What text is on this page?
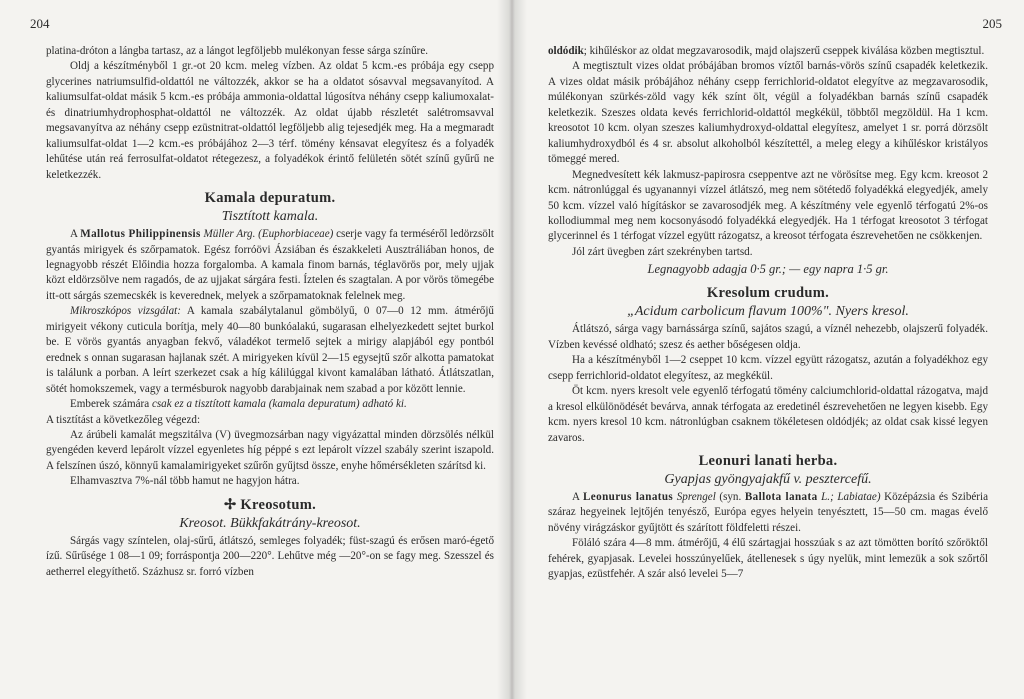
204

platina-dróton a lángba tartasz, az a lángot legföljebb mulékonyan fesse sárga színűre.

Oldj a készítményből 1 gr.-ot 20 kcm. meleg vízben. Az oldat 5 kcm.-es próbája egy csepp glycerines natriumsulfid-oldattól ne változzék, akkor se ha a oldatot sósavval megsavanyítod. A kaliumsulfat-oldat másik 5 kcm.-es próbája ammonia-oldattal lúgosítva néhány csepp kaliumoxalat- és dinatriumhydrophosphat-oldattól ne változzék. Az oldat újabb részletét salétromsavval megsavanyítva az néhány csepp ezüstnitrat-oldattól legföljebb alig tejesedjék meg. Ha a megmaradt kaliumsulfat-oldat 1—2 kcm.-es próbájához 2—3 térf. tömény kénsavat elegyítesz és a folyadék lehűtése után reá ferrosulfat-oldatot rétegezesz, a folyadékok érintő felületén sötét színű gyűrű ne keletkezzék.

Kamala depuratum.
Tisztított kamala.

A Mallotus Philippinensis Müller Arg. (Euphorbiaceae) cserje vagy fa terméséről ledörzsölt gyantás mirigyek és szőrpamatok. Egész forróövi Ázsiában és északkeleti Ausztráliában honos, de legnagyobb részét Előindia hozza forgalomba. A kamala finom barnás, téglavörös por, mely ujjak közt eldörzsölve nem ragadós, de az ujjakat sárgára festi. Íztelen és szagtalan. A por vörös tömegébe itt-ott sárgás szemecskék is keverednek, melyek a szőrpamatoknak felelnek meg.

Mikroszkópos vizsgálat: A kamala szabálytalanul gömbölyű, 0 07—0 12 mm. átmérőjű mirigyeit vékony cuticula borítja, mely 40—80 bunkóalakú, sugarasan elhelyezkedett sejtet burkol be. E vörös gyantás anyagban fekvő, váladékot termelő sejtek a mirigy alapjából egy pontból erednek s onnan sugarasan hajlanak szét. A mirigyeken kívül 2—15 egysejtű szőr alkotta pamatokat is találunk a porban. A leírt szerkezet csak a híg kálilúggal kivont kamalában látható. Átlátszatlan, sötét homokszemek, vagy a termésburok nagyobb darabjainak nem szabad a por között lennie.

Emberek számára csak ez a tisztított kamala (kamala depuratum) adható ki.
A tisztítást a következőleg végezd:

Az árúbeli kamalát megszitálva (V) üvegmozsárban nagy vigyázattal minden dörzsölés nélkül gyengéden keverd lepárolt vízzel egyenletes híg péppé s ezt lepárolt vízzel szabály szerint iszapold. A felszínen úszó, könnyű kamalamirigyeket szűrőn gyűjtsd össze, enyhe hőmérsékleten szárítsd ki.

Elhamvasztva 7%-nál több hamut ne hagyjon hátra.

✢ Kreosotum.
Kreosot. Bükkfakátrány-kreosot.

Sárgás vagy színtelen, olaj-sűrű, átlátszó, semleges folyadék; füst-szagú és erősen maró-égető ízű. Sűrűsége 1 08—1 09; forráspontja 200—220°. Lehűtve még —20°-on se fagy meg. Szesszel és aetherrel elegyíthető. Százhusz sr. forró vízben

205

oldódik; kihűléskor az oldat megzavarosodik, majd olajszerű cseppek kiválása közben megtisztul.

A megtisztult vizes oldat próbájában bromos víztől barnás-vörös színű csapadék keletkezik. A vizes oldat másik próbájához néhány csepp ferrichlorid-oldatot elegyítve az megzavarosodik, múlékonyan szürkés-zöld vagy kék színt ölt, végül a folyadékban barnás színű csapadék keletkezik. Szeszes oldata kevés ferrichlorid-oldattól megkékül, többtől megzöldül. Ha 1 kcm. kreosotot 10 kcm. olyan szeszes kaliumhydroxyd-oldattal elegyítesz, amelyet 1 sr. porrá dörzsölt kaliumhydroxydból és 4 sr. absolut alkoholból készítettél, a meleg elegy a kihűléskor kristályos tömeggé mered.

Megnedvesített kék lakmusz-papirosra cseppentve azt ne vörösítse meg. Egy kcm. kreosot 2 kcm. nátronlúggal és ugyanannyi vízzel átlátszó, meg nem sötétedő folyadékká elegyedjék, amely 50 kcm. vízzel való hígításkor se zavarosodjék meg. A készítmény vele egyenlő térfogatú 2%-os kollodiummal meg nem kocsonyásodó folyadékká elegyedjék. Ha 1 térfogat kreosotot 3 térfogat glycerinnel és 1 térfogat vízzel együtt rázogatsz, a kreosot térfogata észrevehetően ne csökkenjen.

Jól zárt üvegben zárt szekrényben tartsd.

Legnagyobb adagja 0·5 gr.; — egy napra 1·5 gr.
Kresolum crudum.
„Acidum carbolicum flavum 100%". Nyers kresol.

Átlátszó, sárga vagy barnássárga színű, sajátos szagú, a víznél nehezebb, olajszerű folyadék. Vízben kevéssé oldható; szesz és aether bőségesen oldja.

Ha a készítményből 1—2 cseppet 10 kcm. vízzel együtt rázogatsz, azután a folyadékhoz egy csepp ferrichlorid-oldatot elegyítesz, az megkékül.

Öt kcm. nyers kresolt vele egyenlő térfogatú tömény calciumchlorid-oldattal rázogatva, majd a kresol elkülönödését bevárva, annak térfogata az eredetinél észrevehetően ne legyen kisebb. Egy kcm. nyers kresol 10 kcm. nátronlúgban csaknem tökéletesen oldódjék; az oldat csak kissé legyen zavaros.

Leonuri lanati herba.
Gyapjas gyöngyajakfű v. pesztercefű.

A Leonurus lanatus Sprengel (syn. Ballota lanata L.; Labiatae) Középázsia és Szibéria száraz hegyeinek lejtőjén tenyésző, Európa egyes helyein tenyésztett, 15—50 cm. magas évelő növény virágzáskor gyűjtött és szárított földfeletti részei.

Föláló szára 4—8 mm. átmérőjű, 4 élű szártagjai hosszúak s az azt tömötten borító szőröktől fehérek, gyapjasak. Levelei hosszúnyelűek, átellenesek s úgy nyelük, mint lemezük a sok szőrtől gyapjas, ezüstfehér. A szár alsó levelei 5—7
